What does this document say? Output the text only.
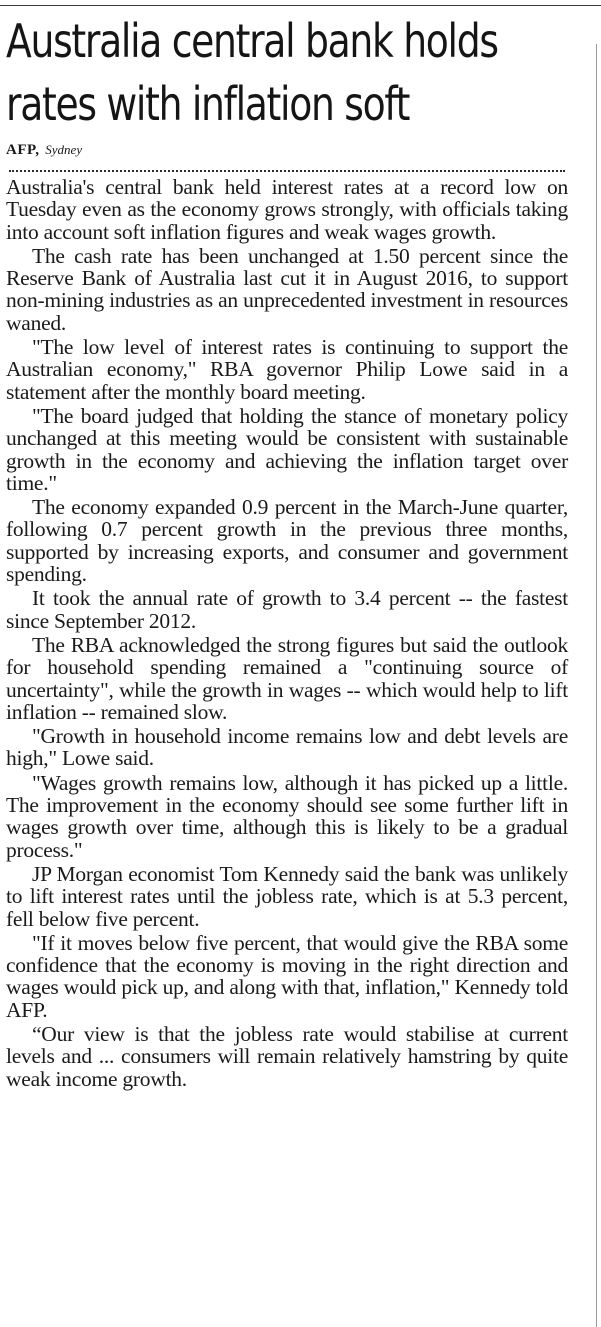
Australia central bank holds rates with inflation soft
AFP, Sydney

Australia's central bank held interest rates at a record low on Tuesday even as the economy grows strongly, with officials taking into account soft inflation figures and weak wages growth.

The cash rate has been unchanged at 1.50 percent since the Reserve Bank of Australia last cut it in August 2016, to support non-mining industries as an unprecedented investment in resources waned.

"The low level of interest rates is continuing to support the Australian economy," RBA governor Philip Lowe said in a statement after the monthly board meeting.

"The board judged that holding the stance of monetary policy unchanged at this meeting would be consistent with sustainable growth in the economy and achieving the inflation target over time."

The economy expanded 0.9 percent in the March-June quarter, following 0.7 percent growth in the previous three months, supported by increasing exports, and consumer and government spending.

It took the annual rate of growth to 3.4 percent -- the fastest since September 2012.

The RBA acknowledged the strong figures but said the outlook for household spending remained a "continuing source of uncertainty", while the growth in wages -- which would help to lift inflation -- remained slow.

"Growth in household income remains low and debt levels are high," Lowe said.

"Wages growth remains low, although it has picked up a little. The improvement in the economy should see some further lift in wages growth over time, although this is likely to be a gradual process."

JP Morgan economist Tom Kennedy said the bank was unlikely to lift interest rates until the jobless rate, which is at 5.3 percent, fell below five percent.

"If it moves below five percent, that would give the RBA some confidence that the economy is moving in the right direction and wages would pick up, and along with that, inflation," Kennedy told AFP.

“Our view is that the jobless rate would stabilise at current levels and ... consumers will remain relatively hamstring by quite weak income growth.
